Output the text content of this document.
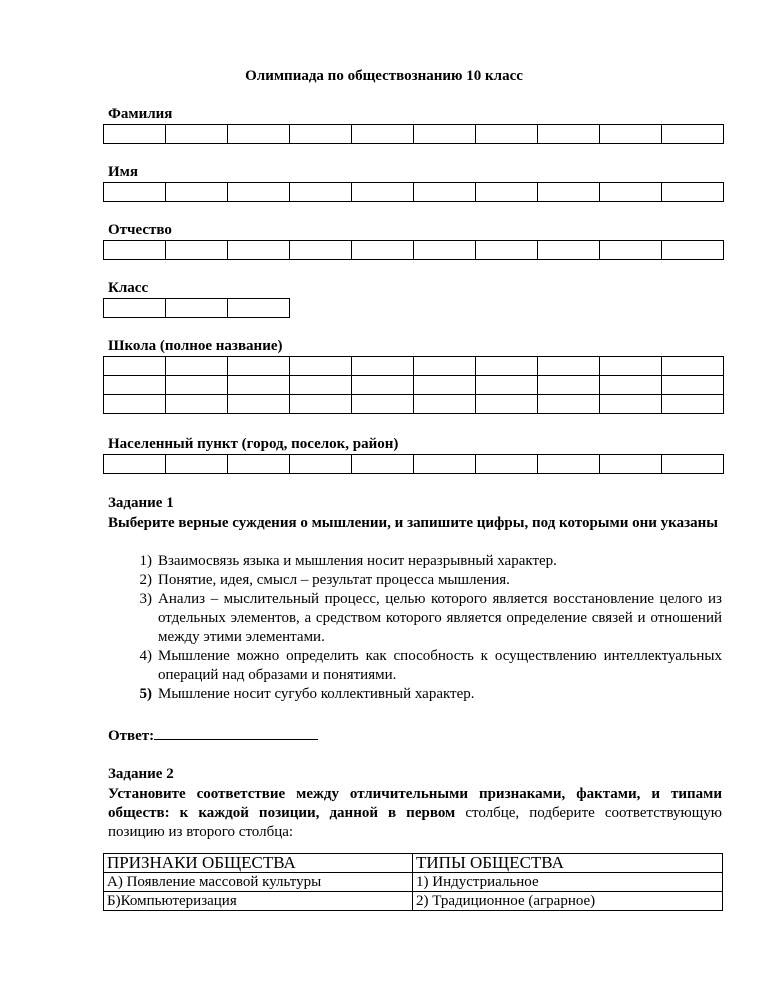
Олимпиада по обществознанию 10 класс
Фамилия

Имя

Отчество

Класс

Школа (полное название)

Населенный пункт (город, поселок, район)

Задание 1
Выберите верные суждения о мышлении, и запишите цифры, под которыми они указаны
1) Взаимосвязь языка и мышления носит неразрывный характер.
2) Понятие, идея, смысл – результат процесса мышления.
3) Анализ – мыслительный процесс, целью которого является восстановление целого из отдельных элементов, а средством которого является определение связей и отношений между этими элементами.
4) Мышление можно определить как способность к осуществлению интеллектуальных операций над образами и понятиями.
5) Мышление носит сугубо коллективный характер.
Ответ:
Задание 2
Установите соответствие между отличительными признаками, фактами, и типами обществ: к каждой позиции, данной в первом столбце, подберите соответствующую позицию из второго столбца:
ПРИЗНАКИ ОБЩЕСТВА	ТИПЫ ОБЩЕСТВА
А) Появление массовой культуры	1) Индустриальное
Б)Компьютеризация	2) Традиционное (аграрное)
